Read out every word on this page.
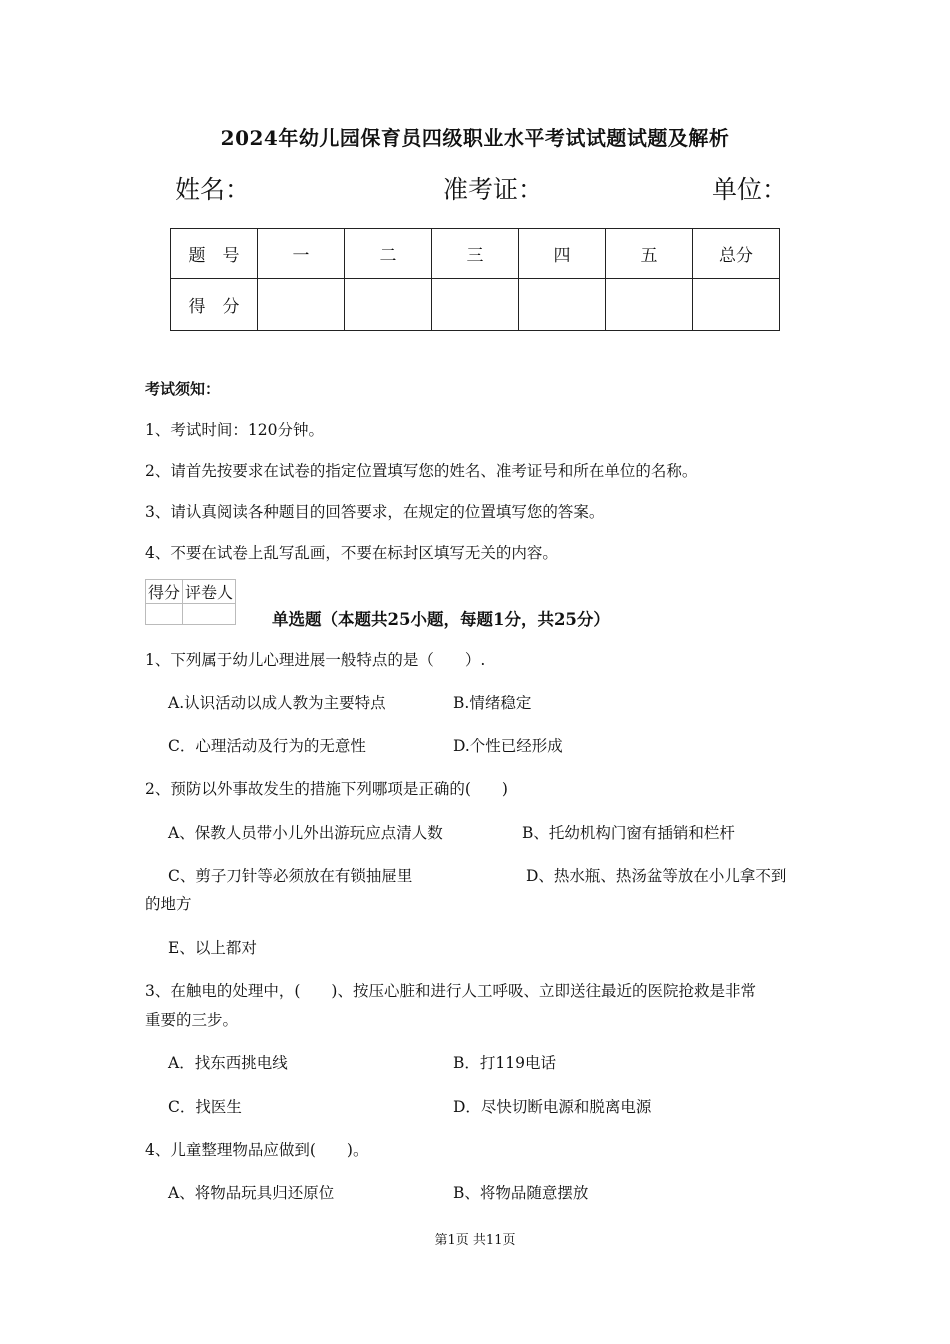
2024年幼儿园保育员四级职业水平考试试题试题及解析
姓名：	准考证：	单位：
题　号	一	二	三	四	五	总分
得　分						
考试须知：
1、考试时间：120分钟。
2、请首先按要求在试卷的指定位置填写您的姓名、准考证号和所在单位的名称。
3、请认真阅读各种题目的回答要求，在规定的位置填写您的答案。
4、不要在试卷上乱写乱画，不要在标封区填写无关的内容。
得分	评卷人

单选题（本题共25小题，每题1分，共25分）
1、下列属于幼儿心理进展一般特点的是（　　）.
A.认识活动以成人教为主要特点	B.情绪稳定
C．心理活动及行为的无意性	D.个性已经形成
2、预防以外事故发生的措施下列哪项是正确的(　　)
A、保教人员带小儿外出游玩应点清人数	B、托幼机构门窗有插销和栏杆
C、剪子刀针等必须放在有锁抽屉里	D、热水瓶、热汤盆等放在小儿拿不到
的地方
E、以上都对
3、在触电的处理中，(　　)、按压心脏和进行人工呼吸、立即送往最近的医院抢救是非常
重要的三步。
A．找东西挑电线	B．打119电话
C．找医生	D．尽快切断电源和脱离电源
4、儿童整理物品应做到(　　)。
A、将物品玩具归还原位	B、将物品随意摆放
第1页 共11页
